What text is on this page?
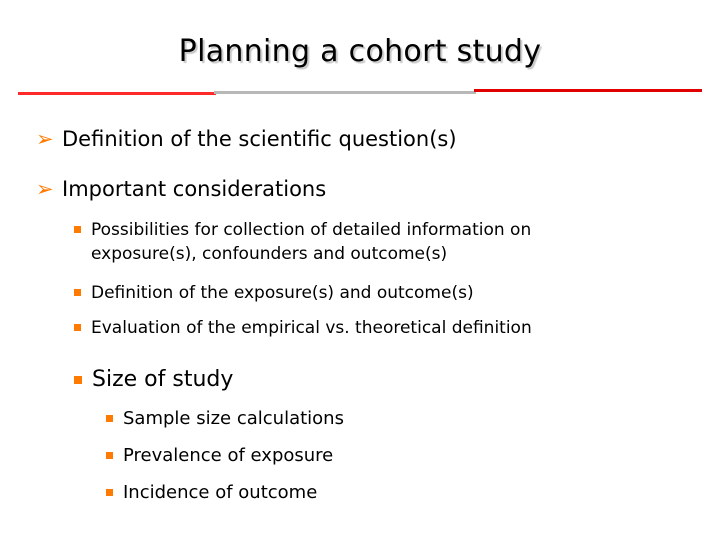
Planning a cohort study
➢ Definition of the scientific question(s)
➢ Important considerations
Possibilities for collection of detailed information on
exposure(s), confounders and outcome(s)
Definition of the exposure(s) and outcome(s)
Evaluation of the empirical vs. theoretical definition
Size of study
Sample size calculations
Prevalence of exposure
Incidence of outcome
